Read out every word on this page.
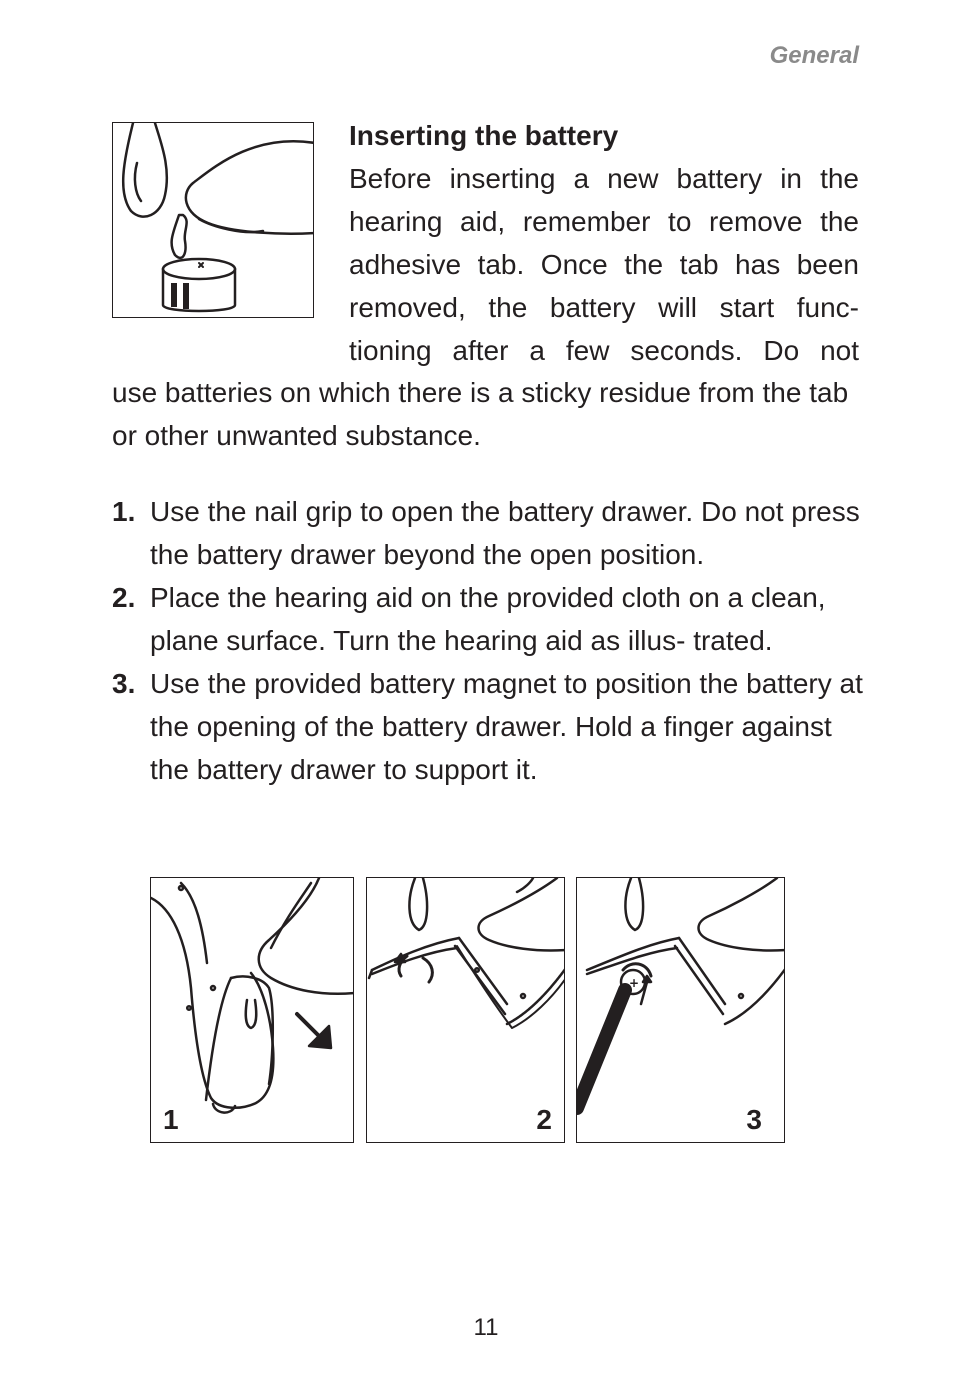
General
Inserting the battery
Before inserting a new battery in the hearing aid, remember to remove the adhesive tab. Once the tab has been removed, the battery will start func- tioning after a few seconds. Do not
use batteries on which there is a sticky residue from the tab or other unwanted substance.
1. Use the nail grip to open the battery drawer. Do not press the battery drawer beyond the open position.
2. Place the hearing aid on the provided cloth on a clean, plane surface. Turn the hearing aid as illus- trated.
3. Use the provided battery magnet to position the battery at the opening of the battery drawer. Hold a finger against the battery drawer to support it.
1	2
+
3
11
